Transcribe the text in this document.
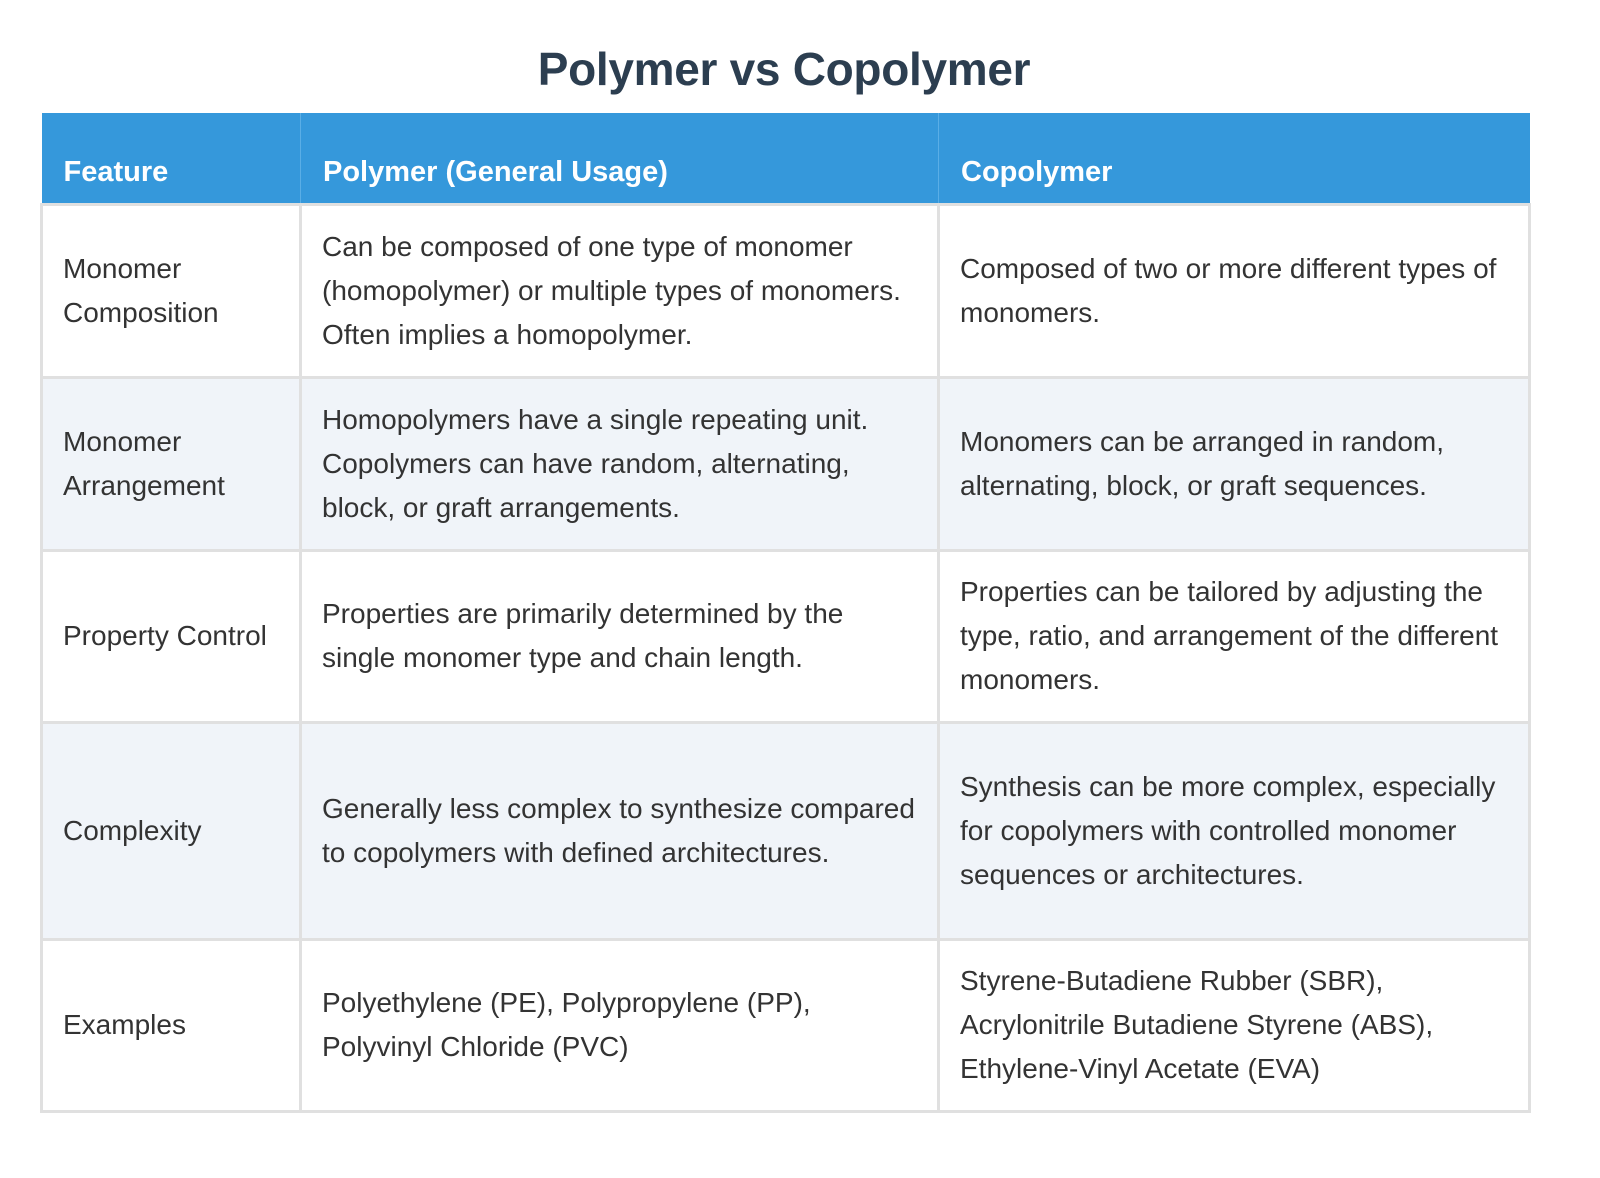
Polymer vs Copolymer
Feature	Polymer (General Usage)	Copolymer
Monomer Composition	Can be composed of one type of monomer (homopolymer) or multiple types of monomers. Often implies a homopolymer.	Composed of two or more different types of monomers.
Monomer Arrangement	Homopolymers have a single repeating unit. Copolymers can have random, alternating, block, or graft arrangements.	Monomers can be arranged in random, alternating, block, or graft sequences.
Property Control	Properties are primarily determined by the single monomer type and chain length.	Properties can be tailored by adjusting the type, ratio, and arrangement of the different monomers.
Complexity	Generally less complex to synthesize compared to copolymers with defined architectures.	Synthesis can be more complex, especially for copolymers with controlled monomer sequences or architectures.
Examples	Polyethylene (PE), Polypropylene (PP), Polyvinyl Chloride (PVC)	Styrene-Butadiene Rubber (SBR), Acrylonitrile Butadiene Styrene (ABS), Ethylene-Vinyl Acetate (EVA)
